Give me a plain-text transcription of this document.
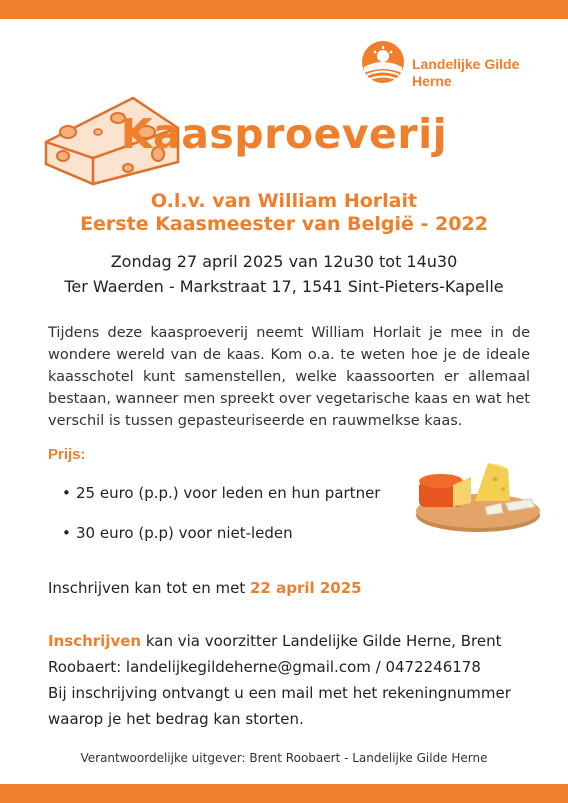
Landelijke Gilde
Herne
Kaasproeverij
O.l.v. van William Horlait
Eerste Kaasmeester van België - 2022
Zondag 27 april 2025 van 12u30 tot 14u30
Ter Waerden - Markstraat 17, 1541 Sint-Pieters-Kapelle
Tijdens deze kaasproeverij neemt William Horlait je mee in de wondere wereld van de kaas. Kom o.a. te weten hoe je de ideale kaasschotel kunt samenstellen, welke kaassoorten er allemaal bestaan, wanneer men spreekt over vegetarische kaas en wat het verschil is tussen gepasteuriseerde en rauwmelkse kaas.
Prijs:
• 25 euro (p.p.) voor leden en hun partner
• 30 euro (p.p) voor niet-leden
Inschrijven kan tot en met 22 april 2025
Inschrijven kan via voorzitter Landelijke Gilde Herne, Brent
Roobaert: landelijkegildeherne@gmail.com / 0472246178
Bij inschrijving ontvangt u een mail met het rekeningnummer
waarop je het bedrag kan storten.
Verantwoordelijke uitgever: Brent Roobaert - Landelijke Gilde Herne
